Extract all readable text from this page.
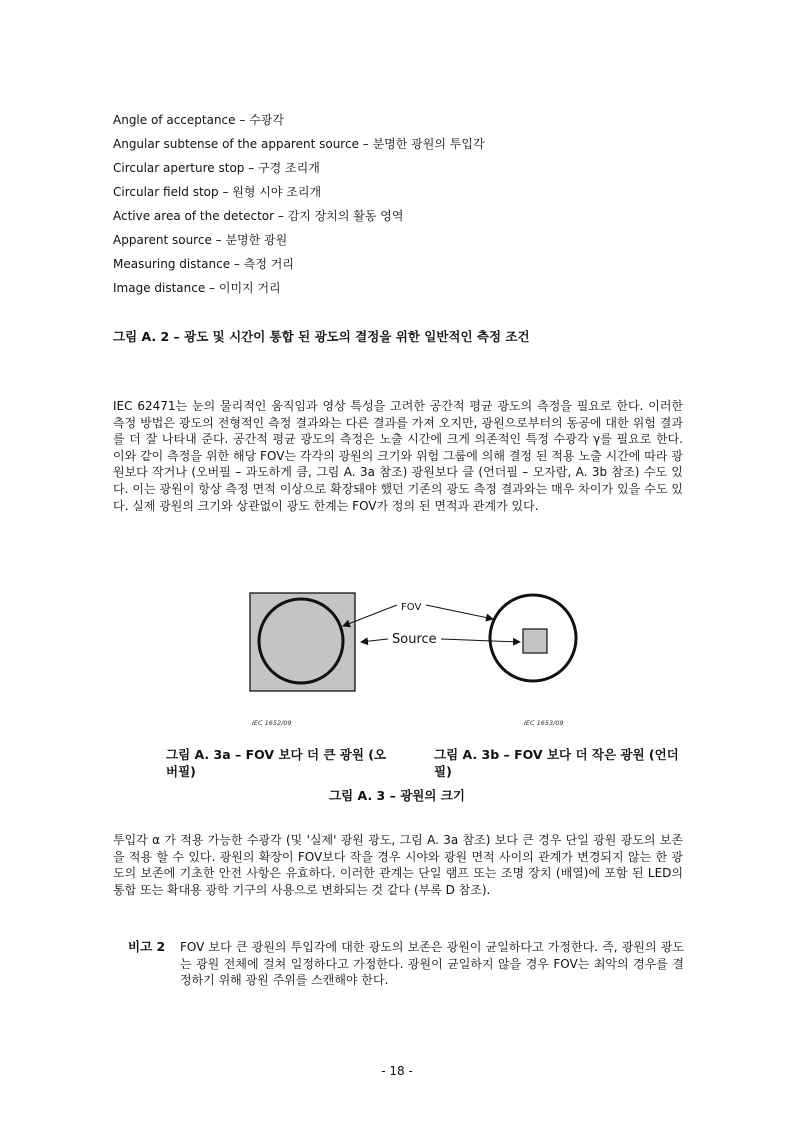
Angle of acceptance – 수광각
Angular subtense of the apparent source – 분명한 광원의 투입각
Circular aperture stop – 구경 조리개
Circular field stop – 원형 시야 조리개
Active area of the detector – 감지 장치의 활동 영역
Apparent source – 분명한 광원
Measuring distance – 측정 거리
Image distance – 이미지 거리
그림 A. 2 – 광도 및 시간이 통합 된 광도의 결정을 위한 일반적인 측정 조건

IEC 62471는 눈의 물리적인 움직임과 영상 특성을 고려한 공간적 평균 광도의 측정을 필요로 한다. 이러한 측정 방법은 광도의 전형적인 측정 결과와는 다른 결과를 가져 오지만, 광원으로부터의 동공에 대한 위험 결과를 더 잘 나타내 준다. 공간적 평균 광도의 측정은 노출 시간에 크게 의존적인 특정 수광각 γ를 필요로 한다. 이와 같이 측정을 위한 해당 FOV는 각각의 광원의 크기와 위험 그룹에 의해 결정 된 적용 노출 시간에 따라 광원보다 작거나 (오버필 – 과도하게 큼, 그림 A. 3a 참조) 광원보다 클 (언더필 – 모자람, A. 3b 참조) 수도 있다. 이는 광원이 항상 측정 면적 이상으로 확장돼야 했던 기존의 광도 측정 결과와는 매우 차이가 있을 수도 있다. 실제 광원의 크기와 상관없이 광도 한계는 FOV가 정의 된 면적과 관계가 있다.

FOV
Source
IEC 1652/09	IEC 1653/09
그림 A. 3a – FOV 보다 더 큰 광원 (오버필)
그림 A. 3b – FOV 보다 더 작은 광원 (언더필)
그림 A. 3 – 광원의 크기

투입각 α 가 적용 가능한 수광각 (및 '실제' 광원 광도, 그림 A. 3a 참조) 보다 큰 경우 단일 광원 광도의 보존을 적용 할 수 있다. 광원의 확장이 FOV보다 작을 경우 시야와 광원 면적 사이의 관계가 변경되지 않는 한 광도의 보존에 기초한 안전 사항은 유효하다. 이러한 관계는 단일 램프 또는 조명 장치 (배열)에 포함 된 LED의 통합 또는 확대용 광학 기구의 사용으로 변화되는 것 같다 (부록 D 참조).

비고 2 FOV 보다 큰 광원의 투입각에 대한 광도의 보존은 광원이 균일하다고 가정한다. 즉, 광원의 광도는 광원 전체에 걸쳐 일정하다고 가정한다. 광원이 균일하지 않을 경우 FOV는 최악의 경우를 결정하기 위해 광원 주위를 스캔해야 한다.
- 18 -
